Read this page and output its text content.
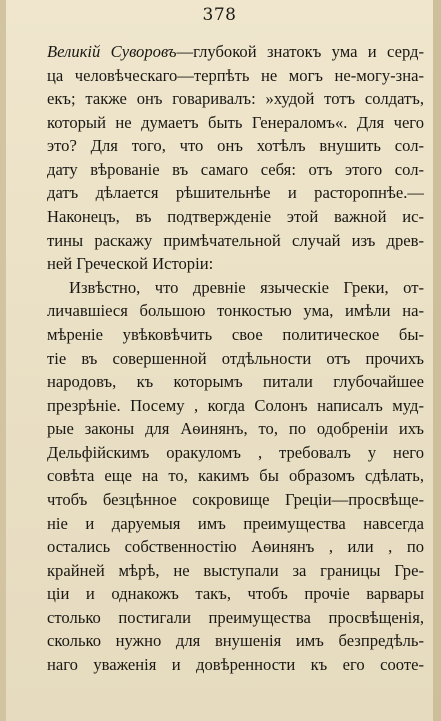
378
Великій Суворовъ—глубокой знатокъ ума и серд-
ца человѣческаго—терпѣть не могъ не-могу-зна-
екъ; также онъ говаривалъ: »худой тотъ солдатъ,
который не думаетъ быть Генераломъ«. Для чего
это? Для того, что онъ хотѣлъ внушить сол-
дату вѣрованіе въ самаго себя: отъ этого сол-
датъ дѣлается рѣшительнѣе и расторопнѣе.—
Наконецъ, въ подтвержденіе этой важной ис-
тины раскажу примѣчательной случай изъ древ-
ней Греческой Исторіи:
Извѣстно, что древніе языческіе Греки, от-
личавшіеся большою тонкостью ума, имѣли на-
мѣреніе увѣковѣчить свое политическое бы-
тіе въ совершенной отдѣльности отъ прочихъ
народовъ, къ которымъ питали глубочайшее
презрѣніе. Посему , когда Солонъ написалъ муд-
рые законы для Аѳинянъ, то, по одобреніи ихъ
Дельфійскимъ оракуломъ , требовалъ у него
совѣта еще на то, какимъ бы образомъ сдѣлать,
чтобъ безцѣнное сокровище Греціи—просвѣще-
ніе и даруемыя имъ преимущества навсегда
остались собственностію Аѳинянъ , или , по
крайней мѣрѣ, не выступали за границы Гре-
ціи и однакожъ такъ, чтобъ прочіе варвары
столько постигали преимущества просвѣщенія,
сколько нужно для внушенія имъ безпредѣль-
наго уваженія и довѣренности къ его соотe-
